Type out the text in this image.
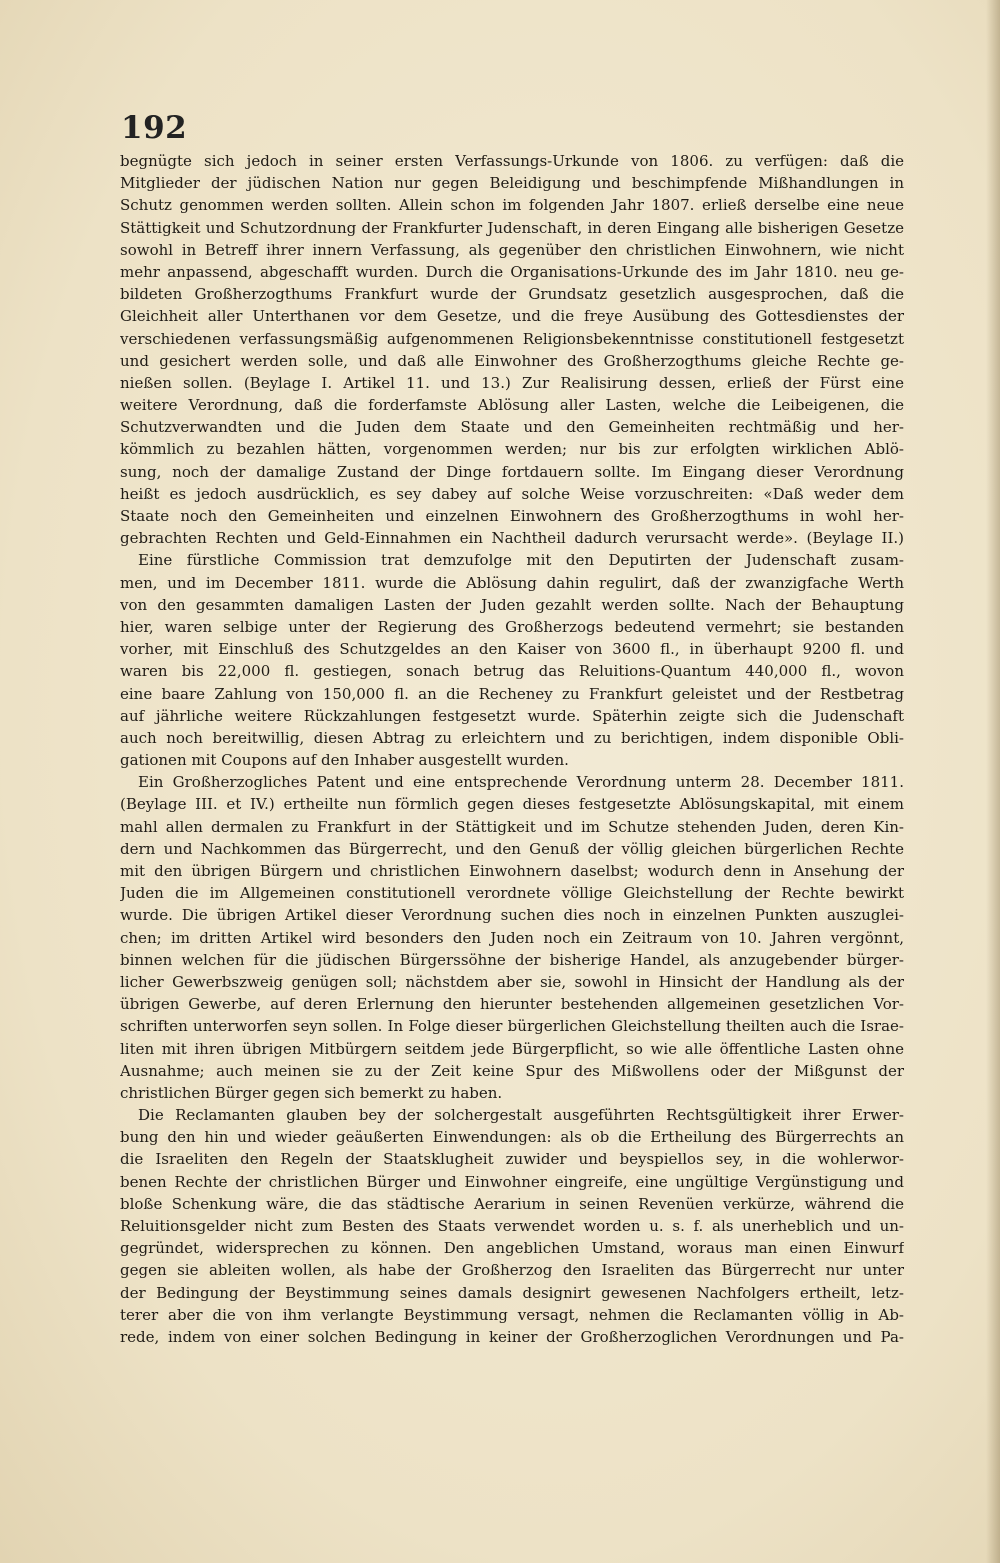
192
begnügte sich jedoch in seiner ersten Verfassungs-Urkunde von 1806. zu verfügen: daß die
Mitglieder der jüdischen Nation nur gegen Beleidigung und beschimpfende Mißhandlungen in
Schutz genommen werden sollten. Allein schon im folgenden Jahr 1807. erließ derselbe eine neue
Stättigkeit und Schutzordnung der Frankfurter Judenschaft, in deren Eingang alle bisherigen Gesetze
sowohl in Betreff ihrer innern Verfassung, als gegenüber den christlichen Einwohnern, wie nicht
mehr anpassend, abgeschafft wurden. Durch die Organisations-Urkunde des im Jahr 1810. neu ge-
bildeten Großherzogthums Frankfurt wurde der Grundsatz gesetzlich ausgesprochen, daß die
Gleichheit aller Unterthanen vor dem Gesetze, und die freye Ausübung des Gottesdienstes der
verschiedenen verfassungsmäßig aufgenommenen Religionsbekenntnisse constitutionell festgesetzt
und gesichert werden solle, und daß alle Einwohner des Großherzogthums gleiche Rechte ge-
nießen sollen. (Beylage I. Artikel 11. und 13.) Zur Realisirung dessen, erließ der Fürst eine
weitere Verordnung, daß die forderfamste Ablösung aller Lasten, welche die Leibeigenen, die
Schutzverwandten und die Juden dem Staate und den Gemeinheiten rechtmäßig und her-
kömmlich zu bezahlen hätten, vorgenommen werden; nur bis zur erfolgten wirklichen Ablö-
sung, noch der damalige Zustand der Dinge fortdauern sollte. Im Eingang dieser Verordnung
heißt es jedoch ausdrücklich, es sey dabey auf solche Weise vorzuschreiten: «Daß weder dem
Staate noch den Gemeinheiten und einzelnen Einwohnern des Großherzogthums in wohl her-
gebrachten Rechten und Geld-Einnahmen ein Nachtheil dadurch verursacht werde». (Beylage II.)
Eine fürstliche Commission trat demzufolge mit den Deputirten der Judenschaft zusam-
men, und im December 1811. wurde die Ablösung dahin regulirt, daß der zwanzigfache Werth
von den gesammten damaligen Lasten der Juden gezahlt werden sollte. Nach der Behauptung
hier, waren selbige unter der Regierung des Großherzogs bedeutend vermehrt; sie bestanden
vorher, mit Einschluß des Schutzgeldes an den Kaiser von 3600 fl., in überhaupt 9200 fl. und
waren bis 22,000 fl. gestiegen, sonach betrug das Reluitions-Quantum 440,000 fl., wovon
eine baare Zahlung von 150,000 fl. an die Recheney zu Frankfurt geleistet und der Restbetrag
auf jährliche weitere Rückzahlungen festgesetzt wurde. Späterhin zeigte sich die Judenschaft
auch noch bereitwillig, diesen Abtrag zu erleichtern und zu berichtigen, indem disponible Obli-
gationen mit Coupons auf den Inhaber ausgestellt wurden.
Ein Großherzogliches Patent und eine entsprechende Verordnung unterm 28. December 1811.
(Beylage III. et IV.) ertheilte nun förmlich gegen dieses festgesetzte Ablösungskapital, mit einem
mahl allen dermalen zu Frankfurt in der Stättigkeit und im Schutze stehenden Juden, deren Kin-
dern und Nachkommen das Bürgerrecht, und den Genuß der völlig gleichen bürgerlichen Rechte
mit den übrigen Bürgern und christlichen Einwohnern daselbst; wodurch denn in Ansehung der
Juden die im Allgemeinen constitutionell verordnete völlige Gleichstellung der Rechte bewirkt
wurde. Die übrigen Artikel dieser Verordnung suchen dies noch in einzelnen Punkten auszuglei-
chen; im dritten Artikel wird besonders den Juden noch ein Zeitraum von 10. Jahren vergönnt,
binnen welchen für die jüdischen Bürgerssöhne der bisherige Handel, als anzugebender bürger-
licher Gewerbszweig genügen soll; nächstdem aber sie, sowohl in Hinsicht der Handlung als der
übrigen Gewerbe, auf deren Erlernung den hierunter bestehenden allgemeinen gesetzlichen Vor-
schriften unterworfen seyn sollen. In Folge dieser bürgerlichen Gleichstellung theilten auch die Israe-
liten mit ihren übrigen Mitbürgern seitdem jede Bürgerpflicht, so wie alle öffentliche Lasten ohne
Ausnahme; auch meinen sie zu der Zeit keine Spur des Mißwollens oder der Mißgunst der
christlichen Bürger gegen sich bemerkt zu haben.
Die Reclamanten glauben bey der solchergestalt ausgeführten Rechtsgültigkeit ihrer Erwer-
bung den hin und wieder geäußerten Einwendungen: als ob die Ertheilung des Bürgerrechts an
die Israeliten den Regeln der Staatsklugheit zuwider und beyspiellos sey, in die wohlerwor-
benen Rechte der christlichen Bürger und Einwohner eingreife, eine ungültige Vergünstigung und
bloße Schenkung wäre, die das städtische Aerarium in seinen Revenüen verkürze, während die
Reluitionsgelder nicht zum Besten des Staats verwendet worden u. s. f. als unerheblich und un-
gegründet, widersprechen zu können. Den angeblichen Umstand, woraus man einen Einwurf
gegen sie ableiten wollen, als habe der Großherzog den Israeliten das Bürgerrecht nur unter
der Bedingung der Beystimmung seines damals designirt gewesenen Nachfolgers ertheilt, letz-
terer aber die von ihm verlangte Beystimmung versagt, nehmen die Reclamanten völlig in Ab-
rede, indem von einer solchen Bedingung in keiner der Großherzoglichen Verordnungen und Pa-
